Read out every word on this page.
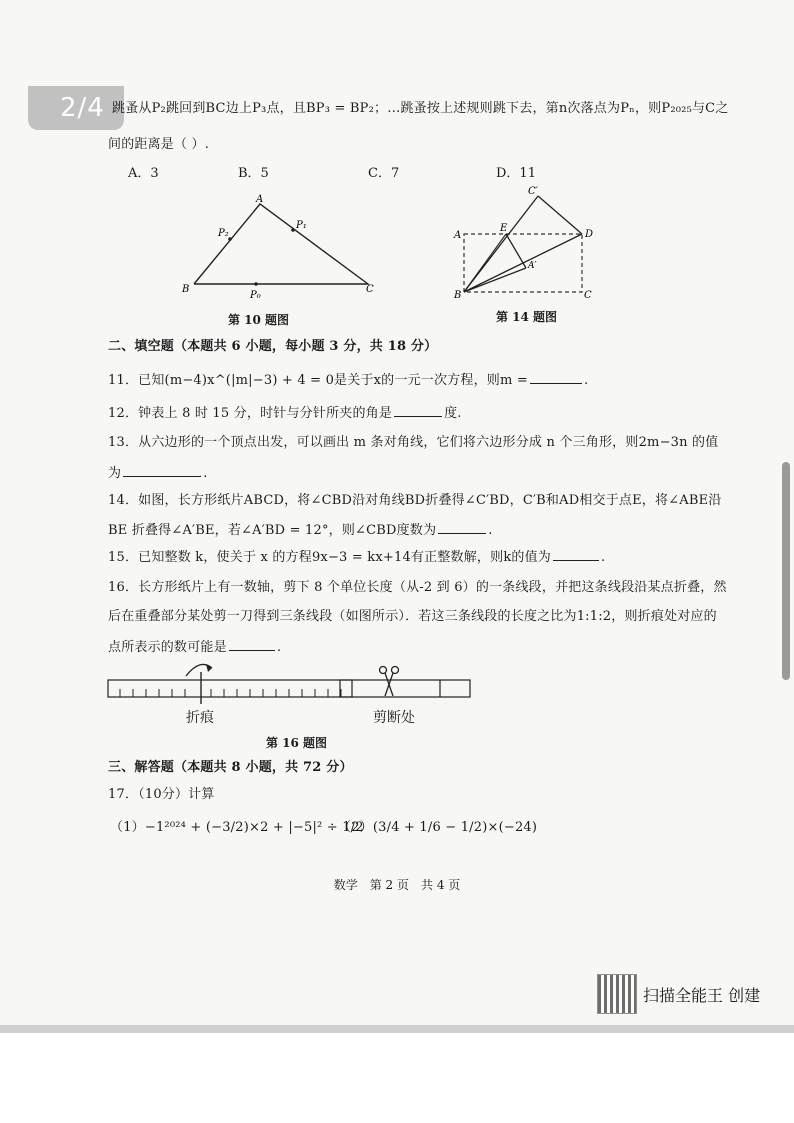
2/4 跳蚤从P₂跳回到BC边上P₃点，且BP₃ = BP₂；…跳蚤按上述规则跳下去，第n次落点为Pₙ，则P₂₀₂₅与C之
间的距离是（ ）.
A．3	B．5	C．7	D．11
A
B	C
P₂
P₁
P₀
第 10 题图
C′
A
E
D
A′
B	C
第 14 题图
二、填空题（本题共 6 小题，每小题 3 分，共 18 分）
11．已知(m−4)x^(|m|−3) + 4 = 0是关于x的一元一次方程，则m =	.
12．钟表上 8 时 15 分，时针与分针所夹的角是	度.
13．从六边形的一个顶点出发，可以画出 m 条对角线，它们将六边形分成 n 个三角形，则2m−3n 的值
为	.
14．如图，长方形纸片ABCD，将∠CBD沿对角线BD折叠得∠C′BD，C′B和AD相交于点E，将∠ABE沿
BE 折叠得∠A′BE，若∠A′BD = 12°，则∠CBD度数为	.
15．已知整数 k，使关于 x 的方程9x−3 = kx+14有正整数解，则k的值为	.
16．长方形纸片上有一数轴，剪下 8 个单位长度（从-2 到 6）的一条线段，并把这条线段沿某点折叠，然
后在重叠部分某处剪一刀得到三条线段（如图所示）．若这三条线段的长度之比为1:1:2，则折痕处对应的
点所表示的数可能是	.
折痕	剪断处
第 16 题图
三、解答题（本题共 8 小题，共 72 分）
17．（10分）计算
（1）−1²⁰²⁴ + (−3/2)×2 + |−5|² ÷ 1/2
（2）(3/4 + 1/6 − 1/2)×(−24)
数学　第 2 页　共 4 页
扫描全能王 创建
